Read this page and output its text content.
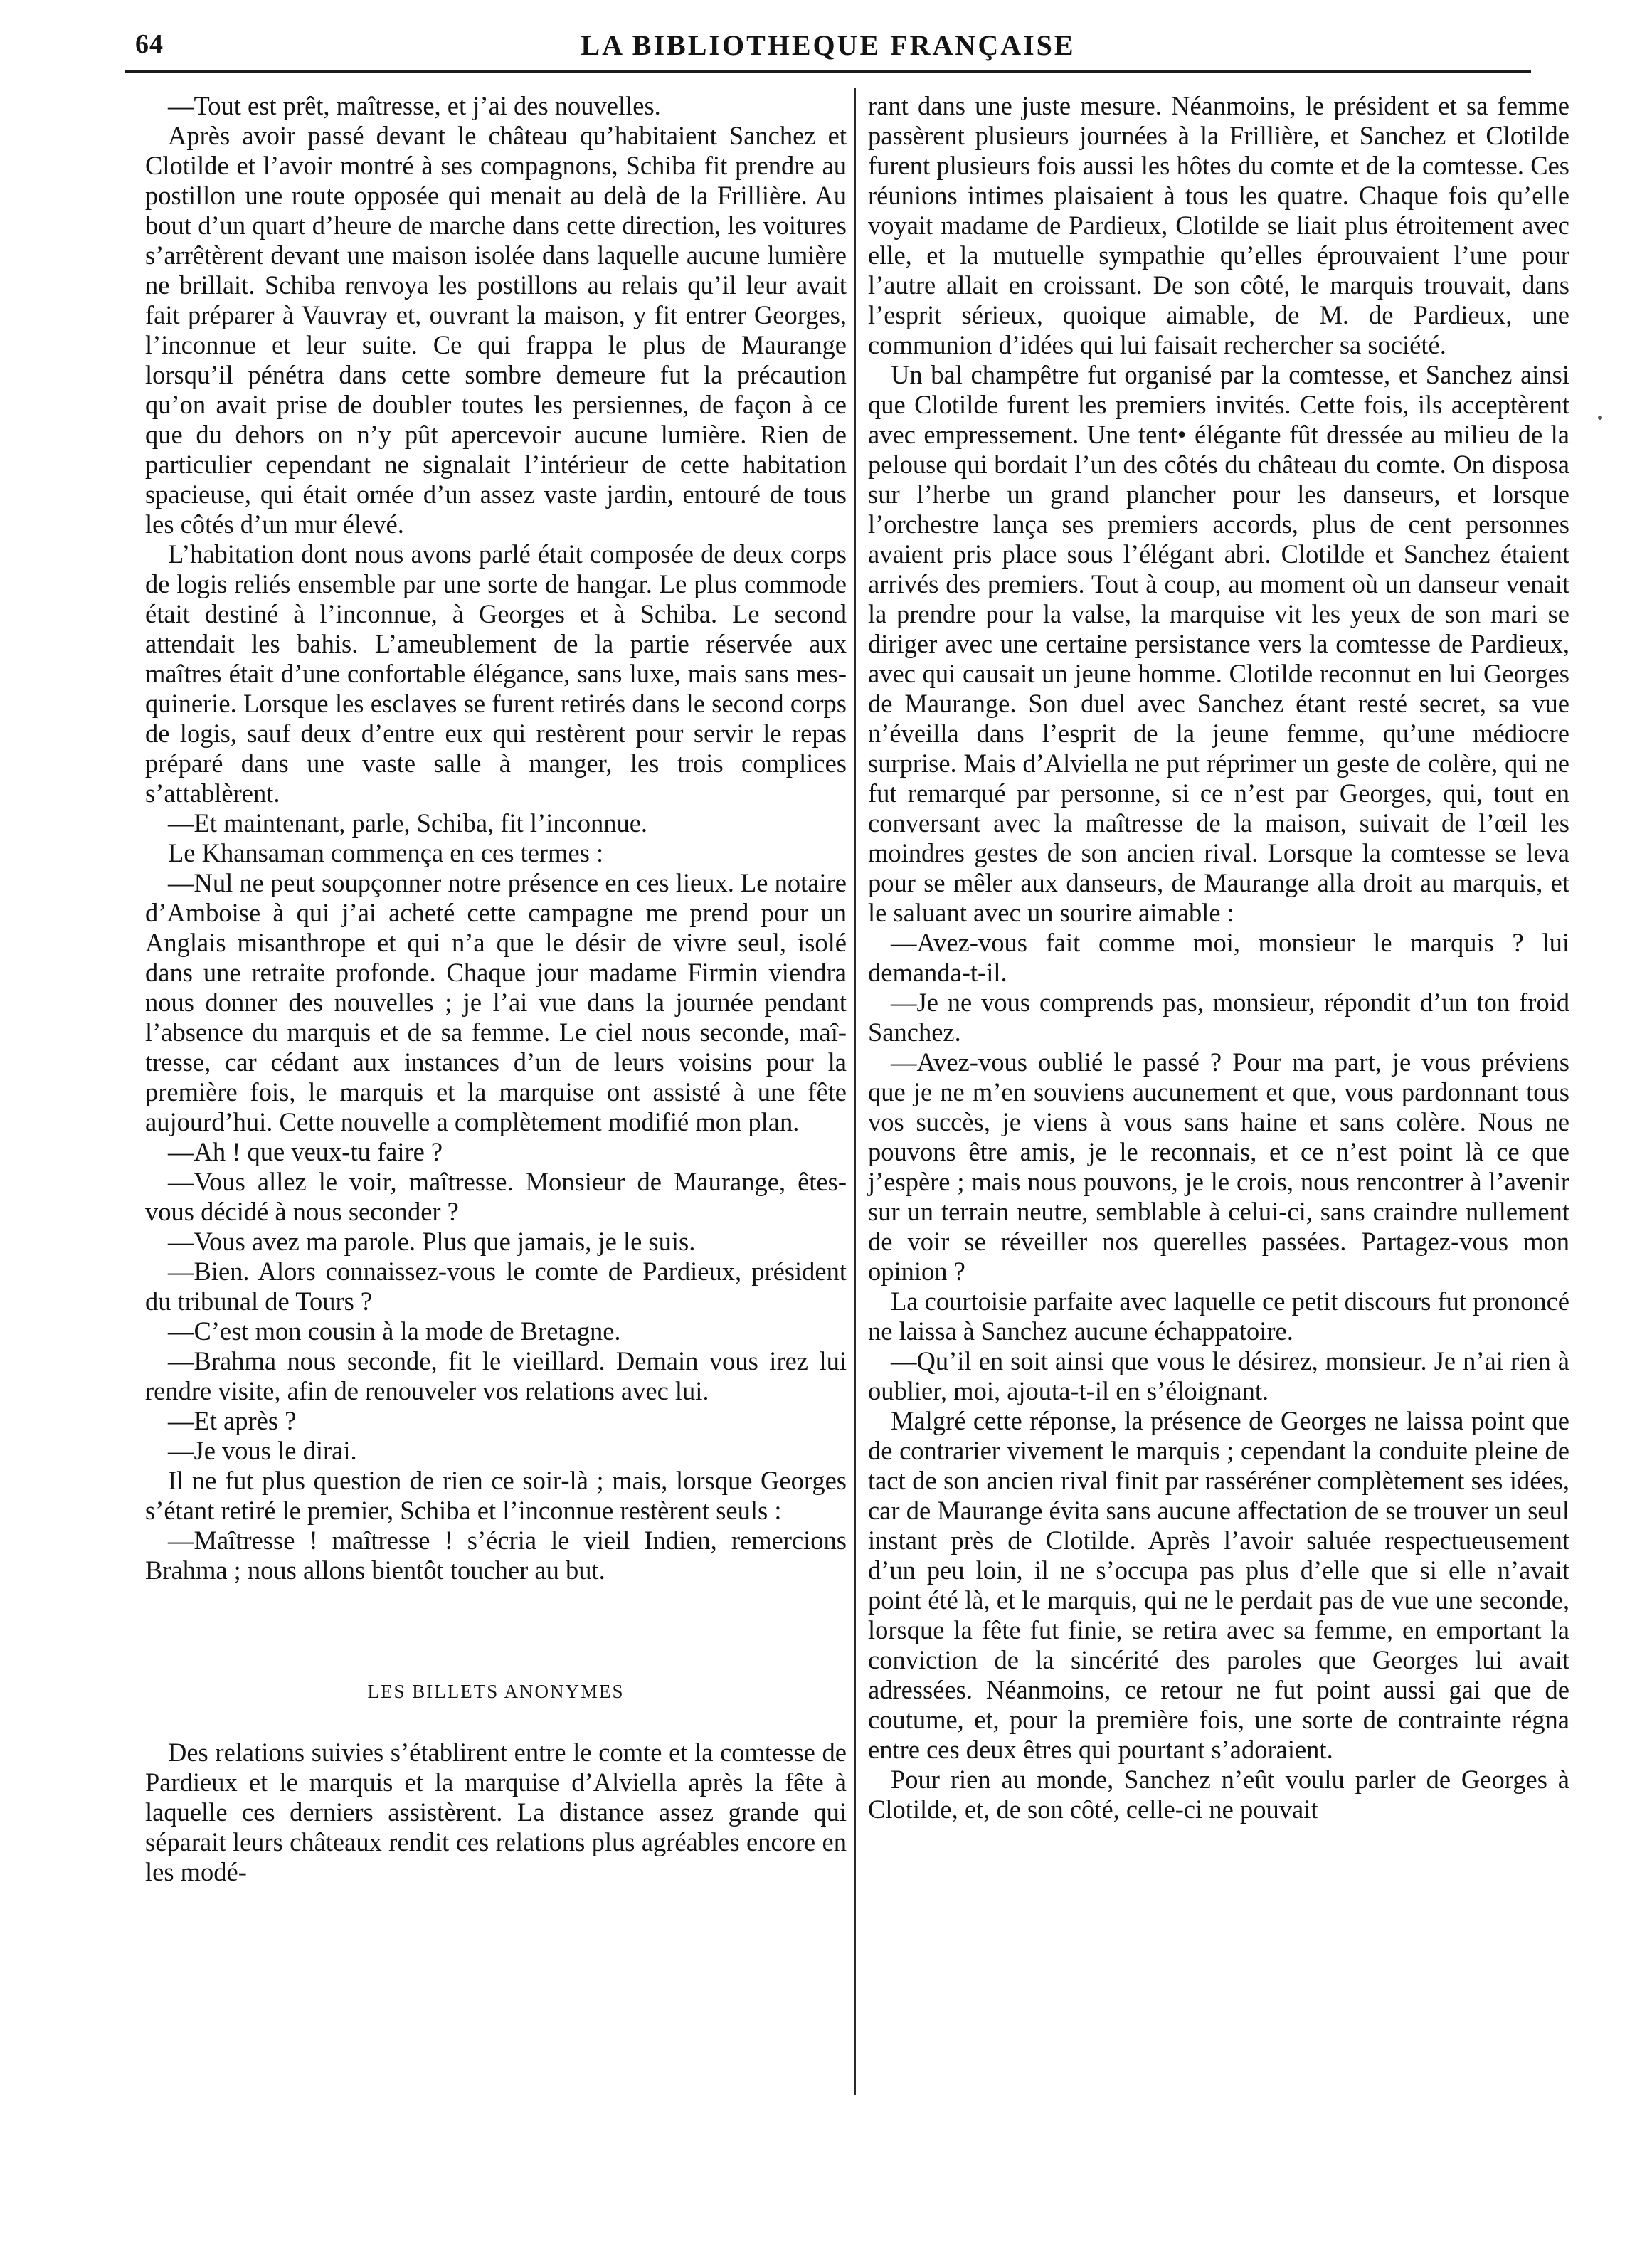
64	LA BIBLIOTHEQUE FRANÇAISE

—Tout est prêt, maîtresse, et j’ai des nouvelles.

Après avoir passé devant le château qu’habitaient Sanchez et Clotilde et l’avoir montré à ses compagnons, Schiba fit prendre au postillon une route opposée qui menait au delà de la Frillière. Au bout d’un quart d’heure de marche dans cette direction, les voitures s’arrêtèrent devant une maison isolée dans laquelle aucune lumière ne brillait. Schiba renvoya les postillons au relais qu’il leur avait fait préparer à Vauvray et, ouvrant la maison, y fit entrer Georges, l’inconnue et leur suite. Ce qui frappa le plus de Maurange lorsqu’il pénétra dans cette sombre demeure fut la précaution qu’on avait prise de doubler toutes les persiennes, de façon à ce que du dehors on n’y pût apercevoir aucune lumière. Rien de particulier cependant ne signalait l’intérieur de cette habitation spacieuse, qui était ornée d’un assez vaste jardin, entouré de tous les côtés d’un mur élevé.

L’habitation dont nous avons parlé était composée de deux corps de logis reliés ensemble par une sorte de hangar. Le plus commode était destiné à l’inconnue, à Georges et à Schiba. Le second attendait les bahis. L’ameublement de la partie réservée aux maîtres était d’une confortable élégance, sans luxe, mais sans mesquinerie. Lorsque les esclaves se furent retirés dans le second corps de logis, sauf deux d’entre eux qui restèrent pour servir le repas préparé dans une vaste salle à manger, les trois complices s’attablèrent.

—Et maintenant, parle, Schiba, fit l’inconnue.

Le Khansaman commença en ces termes :

—Nul ne peut soupçonner notre présence en ces lieux. Le notaire d’Amboise à qui j’ai acheté cette campagne me prend pour un Anglais misanthrope et qui n’a que le désir de vivre seul, isolé dans une retraite profonde. Chaque jour madame Firmin viendra nous donner des nouvelles ; je l’ai vue dans la journée pendant l’absence du marquis et de sa femme. Le ciel nous seconde, maîtresse, car cédant aux instances d’un de leurs voisins pour la première fois, le marquis et la marquise ont assisté à une fête aujourd’hui. Cette nouvelle a complètement modifié mon plan.

—Ah ! que veux-tu faire ?

—Vous allez le voir, maîtresse. Monsieur de Maurange, êtes-vous décidé à nous seconder ?

—Vous avez ma parole. Plus que jamais, je le suis.

—Bien. Alors connaissez-vous le comte de Pardieux, président du tribunal de Tours ?

—C’est mon cousin à la mode de Bretagne.

—Brahma nous seconde, fit le vieillard. Demain vous irez lui rendre visite, afin de renouveler vos relations avec lui.

—Et après ?

—Je vous le dirai.

Il ne fut plus question de rien ce soir-là ; mais, lorsque Georges s’étant retiré le premier, Schiba et l’inconnue restèrent seuls :

—Maîtresse ! maîtresse ! s’écria le vieil Indien, remercions Brahma ; nous allons bientôt toucher au but.

LES BILLETS ANONYMES

Des relations suivies s’établirent entre le comte et la comtesse de Pardieux et le marquis et la marquise d’Alviella après la fête à laquelle ces derniers assistèrent. La distance assez grande qui séparait leurs châteaux rendit ces relations plus agréables encore en les modé-

rant dans une juste mesure. Néanmoins, le président et sa femme passèrent plusieurs journées à la Frillière, et Sanchez et Clotilde furent plusieurs fois aussi les hôtes du comte et de la comtesse. Ces réunions intimes plaisaient à tous les quatre. Chaque fois qu’elle voyait madame de Pardieux, Clotilde se liait plus étroitement avec elle, et la mutuelle sympathie qu’elles éprouvaient l’une pour l’autre allait en croissant. De son côté, le marquis trouvait, dans l’esprit sérieux, quoique aimable, de M. de Pardieux, une communion d’idées qui lui faisait rechercher sa société.

Un bal champêtre fut organisé par la comtesse, et Sanchez ainsi que Clotilde furent les premiers invités. Cette fois, ils acceptèrent avec empressement. Une tent• élégante fût dressée au milieu de la pelouse qui bordait l’un des côtés du château du comte. On disposa sur l’herbe un grand plancher pour les danseurs, et lorsque l’orchestre lança ses premiers accords, plus de cent personnes avaient pris place sous l’élégant abri. Clotilde et Sanchez étaient arrivés des premiers. Tout à coup, au moment où un danseur venait la prendre pour la valse, la marquise vit les yeux de son mari se diriger avec une certaine persistance vers la comtesse de Pardieux, avec qui causait un jeune homme. Clotilde reconnut en lui Georges de Maurange. Son duel avec Sanchez étant resté secret, sa vue n’éveilla dans l’esprit de la jeune femme, qu’une médiocre surprise. Mais d’Alviella ne put réprimer un geste de colère, qui ne fut remarqué par personne, si ce n’est par Georges, qui, tout en conversant avec la maîtresse de la maison, suivait de l’œil les moindres gestes de son ancien rival. Lorsque la comtesse se leva pour se mêler aux danseurs, de Maurange alla droit au marquis, et le saluant avec un sourire aimable :

—Avez-vous fait comme moi, monsieur le marquis ? lui demanda-t-il.

—Je ne vous comprends pas, monsieur, répondit d’un ton froid Sanchez.

—Avez-vous oublié le passé ? Pour ma part, je vous préviens que je ne m’en souviens aucunement et que, vous pardonnant tous vos succès, je viens à vous sans haine et sans colère. Nous ne pouvons être amis, je le reconnais, et ce n’est point là ce que j’espère ; mais nous pouvons, je le crois, nous rencontrer à l’avenir sur un terrain neutre, semblable à celui-ci, sans craindre nullement de voir se réveiller nos querelles passées. Partagez-vous mon opinion ?

La courtoisie parfaite avec laquelle ce petit discours fut prononcé ne laissa à Sanchez aucune échappatoire.

—Qu’il en soit ainsi que vous le désirez, monsieur. Je n’ai rien à oublier, moi, ajouta-t-il en s’éloignant.

Malgré cette réponse, la présence de Georges ne laissa point que de contrarier vivement le marquis ; cependant la conduite pleine de tact de son ancien rival finit par rasséréner complètement ses idées, car de Maurange évita sans aucune affectation de se trouver un seul instant près de Clotilde. Après l’avoir saluée respectueusement d’un peu loin, il ne s’occupa pas plus d’elle que si elle n’avait point été là, et le marquis, qui ne le perdait pas de vue une seconde, lorsque la fête fut finie, se retira avec sa femme, en emportant la conviction de la sincérité des paroles que Georges lui avait adressées. Néanmoins, ce retour ne fut point aussi gai que de coutume, et, pour la première fois, une sorte de contrainte régna entre ces deux êtres qui pourtant s’adoraient.

Pour rien au monde, Sanchez n’eût voulu parler de Georges à Clotilde, et, de son côté, celle-ci ne pouvait
